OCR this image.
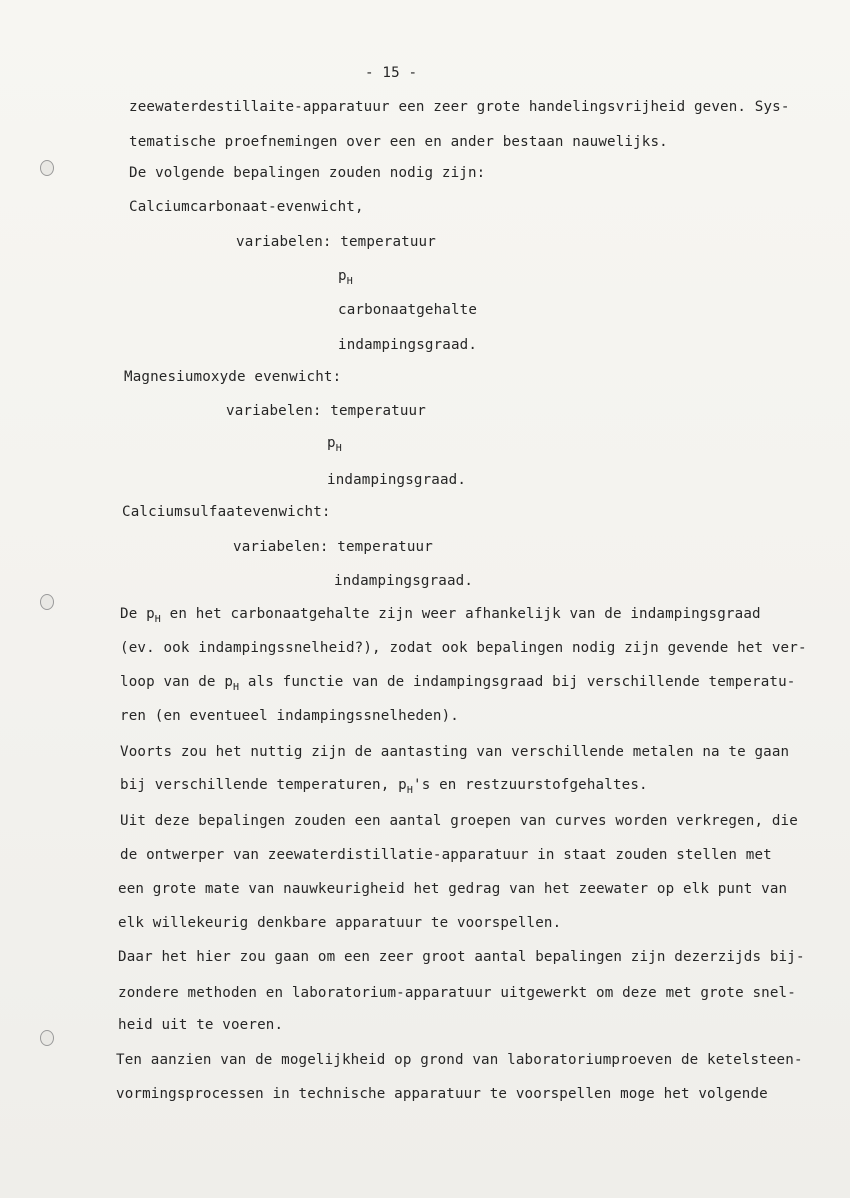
- 15 -
zeewaterdestillaite-apparatuur een zeer grote handelingsvrijheid geven. Sys-
tematische proefnemingen over een en ander bestaan nauwelijks.
De volgende bepalingen zouden nodig zijn:
Calciumcarbonaat-evenwicht,
variabelen: temperatuur
$p_H$
carbonaatgehalte
indampingsgraad.
Magnesiumoxyde evenwicht:
variabelen: temperatuur
$p_H$
indampingsgraad.
Calciumsulfaatevenwicht:
variabelen: temperatuur
indampingsgraad.
De $p_H$ en het carbonaatgehalte zijn weer afhankelijk van de indampingsgraad
(ev. ook indampingssnelheid?), zodat ook bepalingen nodig zijn gevende het ver-
loop van de $p_H$ als functie van de indampingsgraad bij verschillende temperatu-
ren (en eventueel indampingssnelheden).
Voorts zou het nuttig zijn de aantasting van verschillende metalen na te gaan
bij verschillende temperaturen, $p_H's$ en restzuurstofgehaltes.
Uit deze bepalingen zouden een aantal groepen van curves worden verkregen, die
de ontwerper van zeewaterdistillatie-apparatuur in staat zouden stellen met
een grote mate van nauwkeurigheid het gedrag van het zeewater op elk punt van
elk willekeurig denkbare apparatuur te voorspellen.
Daar het hier zou gaan om een zeer groot aantal bepalingen zijn dezerzijds bij-
zondere methoden en laboratorium-apparatuur uitgewerkt om deze met grote snel-
heid uit te voeren.
Ten aanzien van de mogelijkheid op grond van laboratoriumproeven de ketelsteen-
vormingsprocessen in technische apparatuur te voorspellen moge het volgende
